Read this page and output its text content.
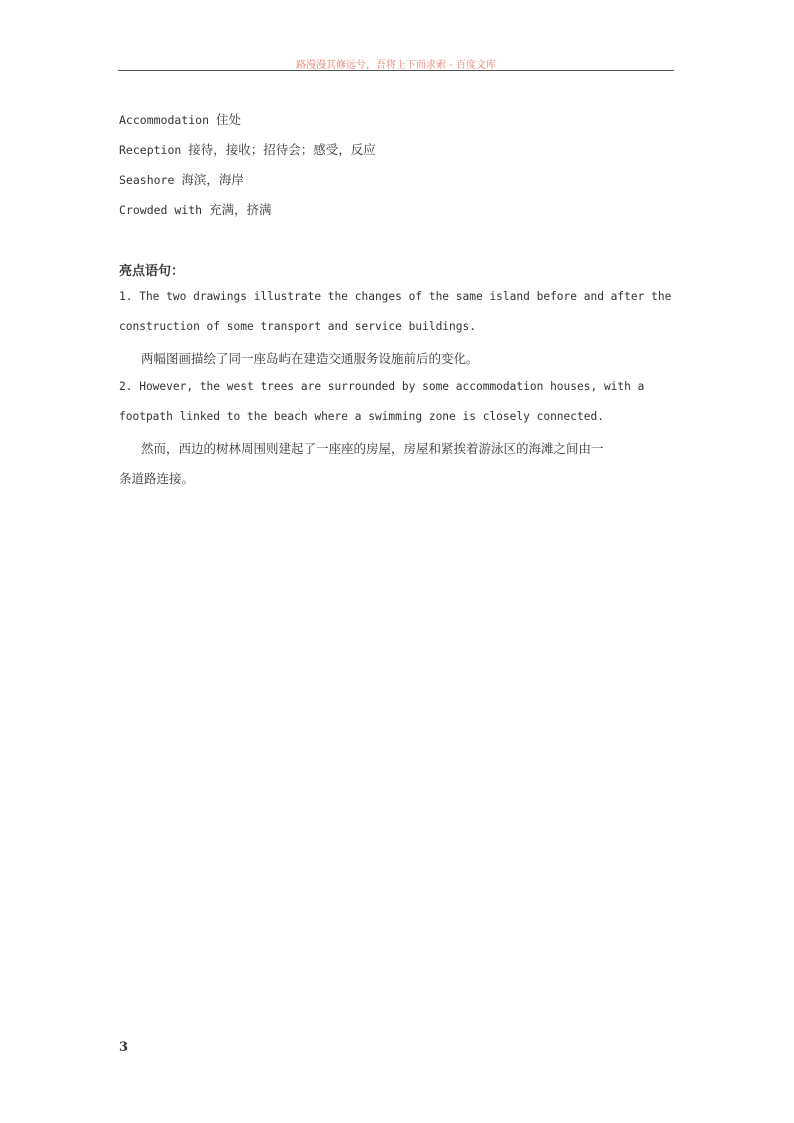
路漫漫其修远兮，吾将上下而求索 - 百度文库
Accommodation 住处
Reception 接待，接收；招待会；感受，反应
Seashore 海滨，海岸
Crowded with 充满，挤满
亮点语句：
1. The two drawings illustrate the changes of the same island before and after the
construction of some transport and service buildings.
两幅图画描绘了同一座岛屿在建造交通服务设施前后的变化。
2. However, the west trees are surrounded by some accommodation houses, with a
footpath linked to the beach where a swimming zone is closely connected.
然而，西边的树林周围则建起了一座座的房屋，房屋和紧挨着游泳区的海滩之间由一
条道路连接。
3
